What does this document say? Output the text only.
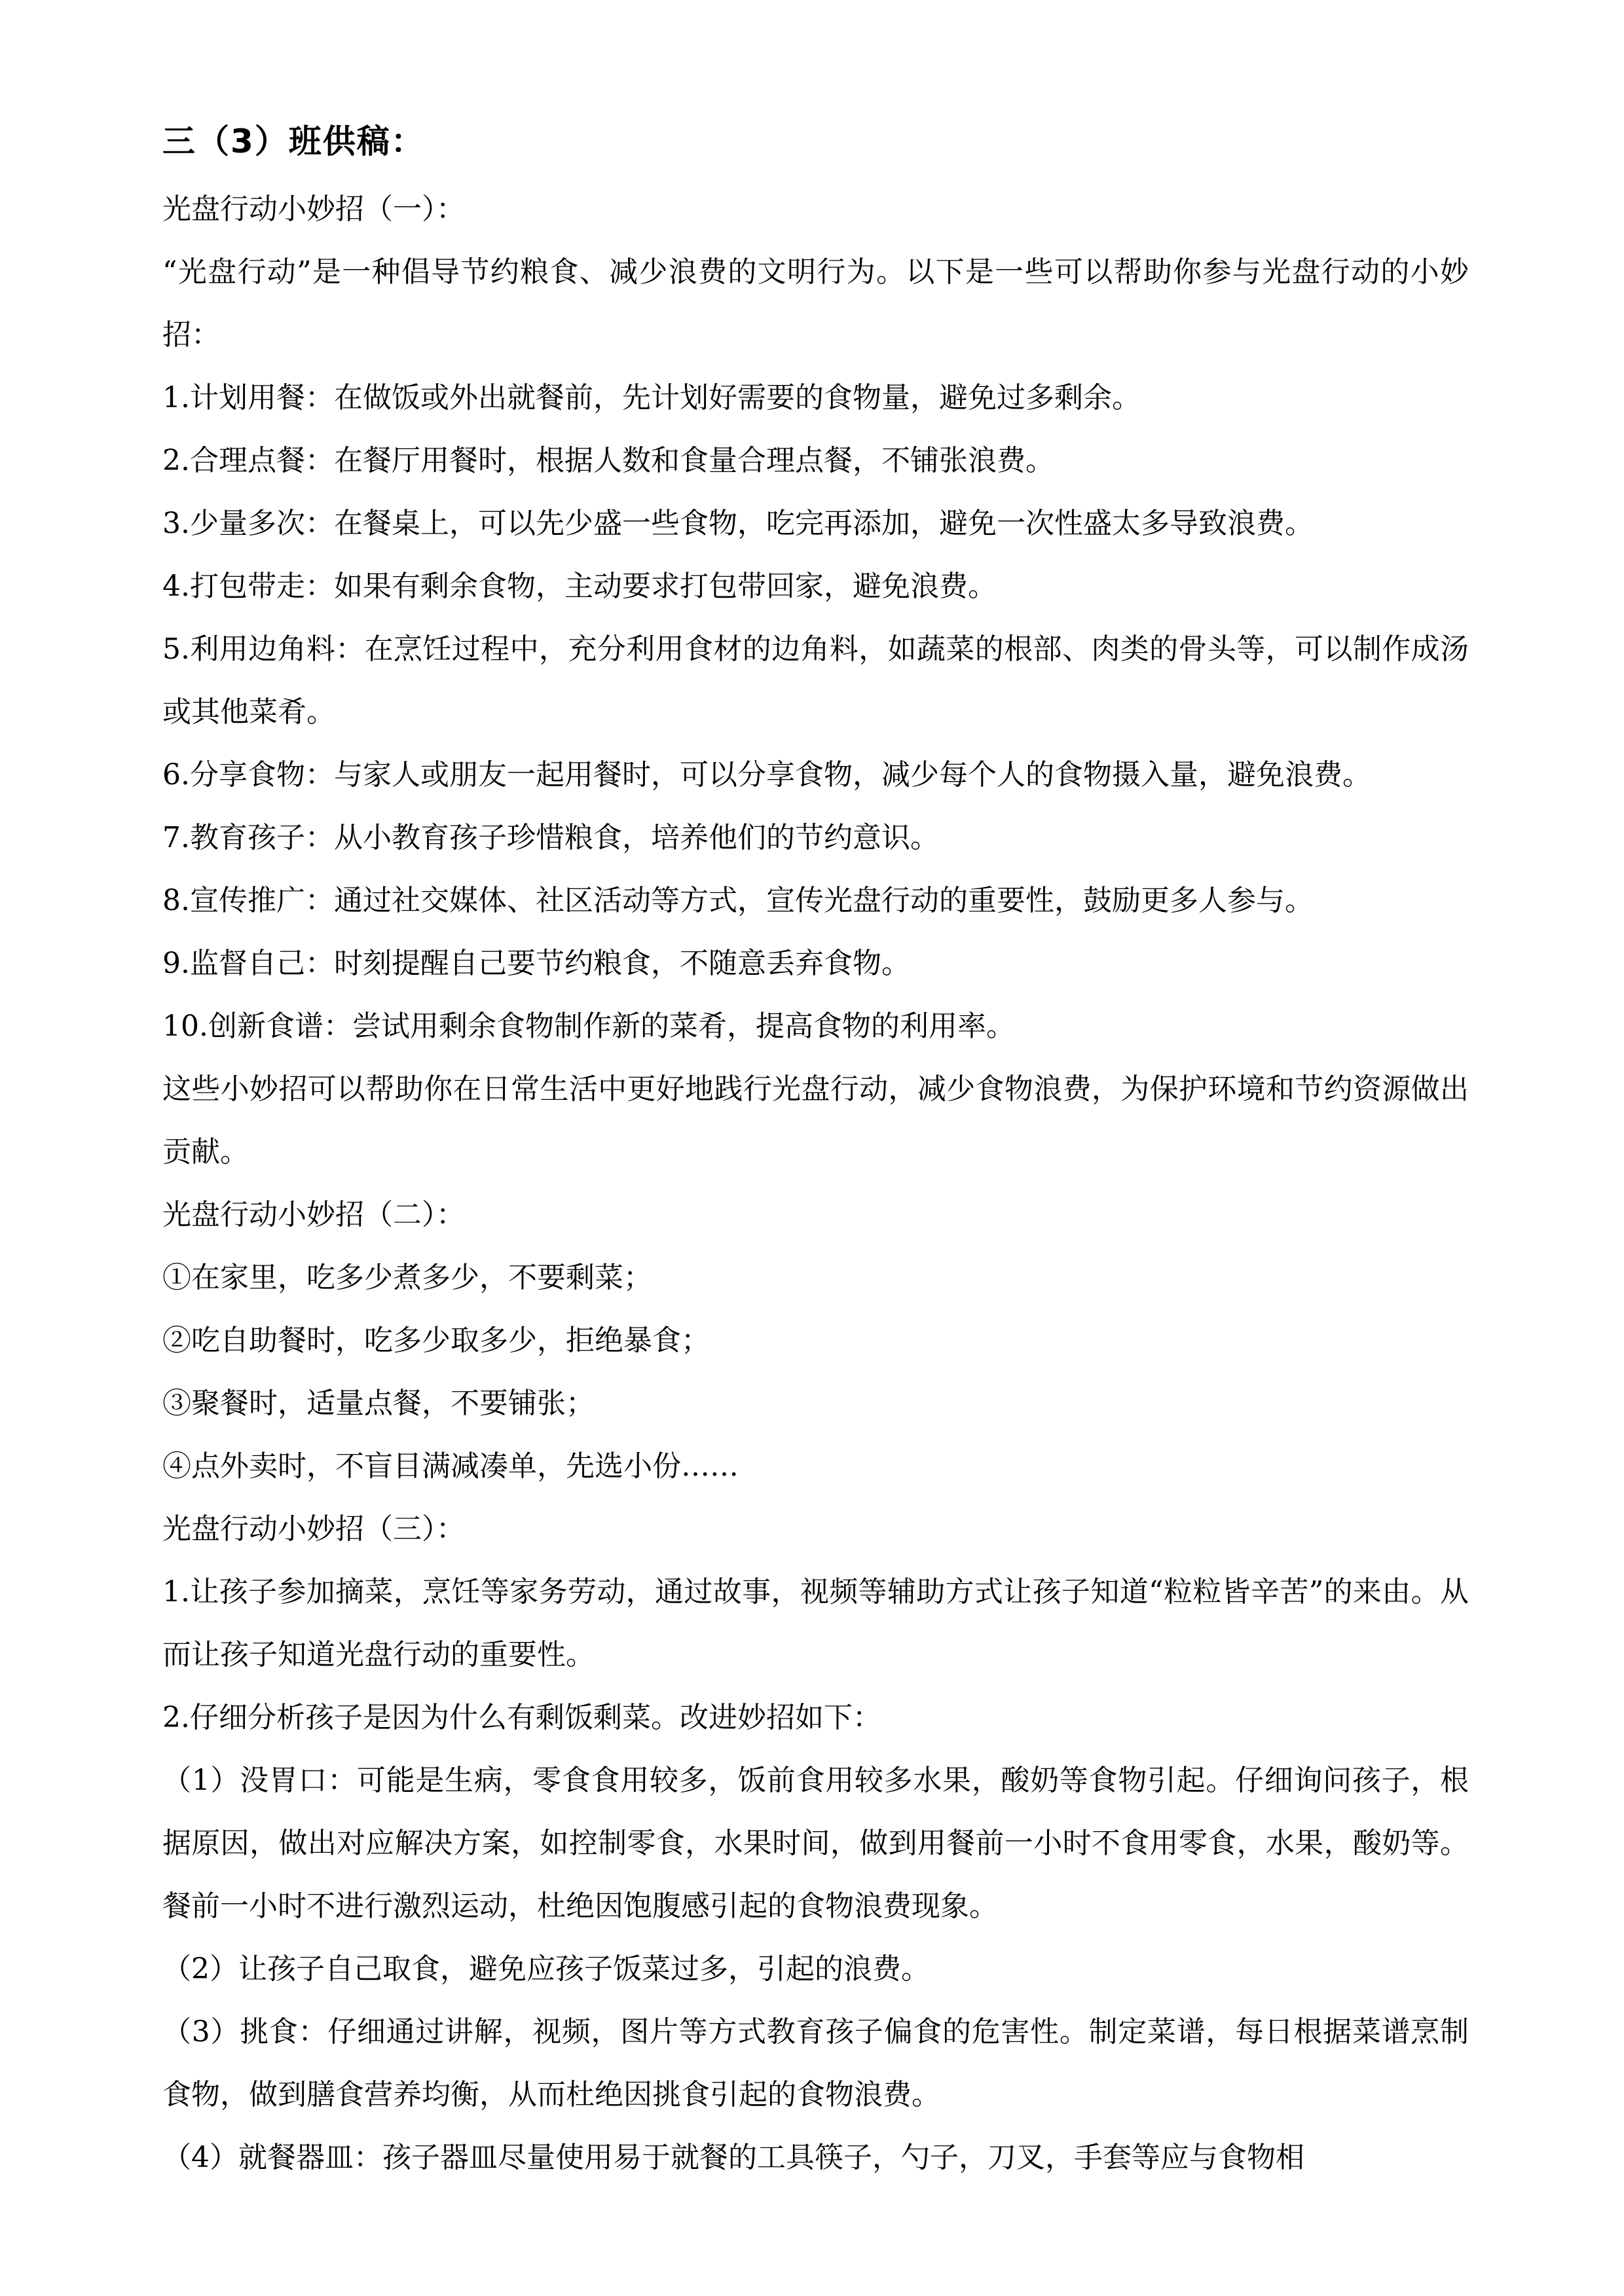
三（3）班供稿：

光盘行动小妙招（一）：

“光盘行动”是一种倡导节约粮食、减少浪费的文明行为。以下是一些可以帮助你参与光盘行动的小妙招：

1.计划用餐：在做饭或外出就餐前，先计划好需要的食物量，避免过多剩余。

2.合理点餐：在餐厅用餐时，根据人数和食量合理点餐，不铺张浪费。

3.少量多次：在餐桌上，可以先少盛一些食物，吃完再添加，避免一次性盛太多导致浪费。

4.打包带走：如果有剩余食物，主动要求打包带回家，避免浪费。

5.利用边角料：在烹饪过程中，充分利用食材的边角料，如蔬菜的根部、肉类的骨头等，可以制作成汤或其他菜肴。

6.分享食物：与家人或朋友一起用餐时，可以分享食物，减少每个人的食物摄入量，避免浪费。

7.教育孩子：从小教育孩子珍惜粮食，培养他们的节约意识。

8.宣传推广：通过社交媒体、社区活动等方式，宣传光盘行动的重要性，鼓励更多人参与。

9.监督自己：时刻提醒自己要节约粮食，不随意丢弃食物。

10.创新食谱：尝试用剩余食物制作新的菜肴，提高食物的利用率。

这些小妙招可以帮助你在日常生活中更好地践行光盘行动，减少食物浪费，为保护环境和节约资源做出贡献。

光盘行动小妙招（二）：

①在家里，吃多少煮多少，不要剩菜；

②吃自助餐时，吃多少取多少，拒绝暴食；

③聚餐时，适量点餐，不要铺张；

④点外卖时，不盲目满减凑单，先选小份……

光盘行动小妙招（三）：

1.让孩子参加摘菜，烹饪等家务劳动，通过故事，视频等辅助方式让孩子知道“粒粒皆辛苦”的来由。从而让孩子知道光盘行动的重要性。

2.仔细分析孩子是因为什么有剩饭剩菜。改进妙招如下：

（1）没胃口：可能是生病，零食食用较多，饭前食用较多水果，酸奶等食物引起。仔细询问孩子，根据原因，做出对应解决方案，如控制零食，水果时间，做到用餐前一小时不食用零食，水果，酸奶等。餐前一小时不进行激烈运动，杜绝因饱腹感引起的食物浪费现象。

（2）让孩子自己取食，避免应孩子饭菜过多，引起的浪费。

（3）挑食：仔细通过讲解，视频，图片等方式教育孩子偏食的危害性。制定菜谱，每日根据菜谱烹制食物，做到膳食营养均衡，从而杜绝因挑食引起的食物浪费。

（4）就餐器皿：孩子器皿尽量使用易于就餐的工具筷子，勺子，刀叉，手套等应与食物相
